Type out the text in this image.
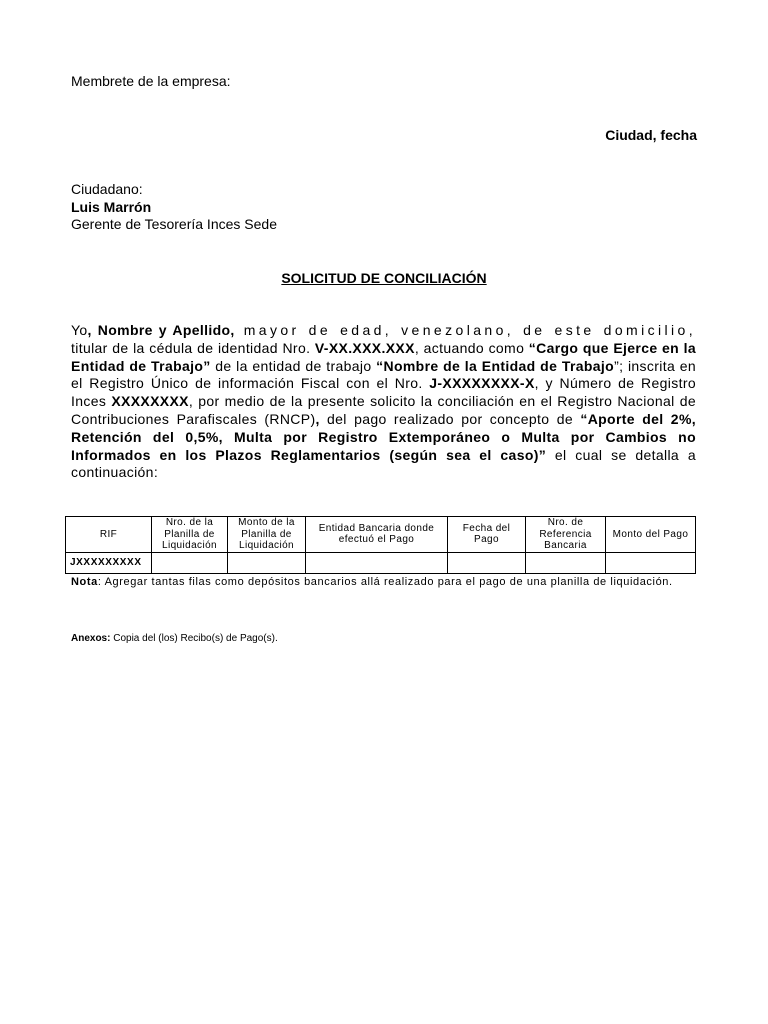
Membrete de la empresa:
Ciudad, fecha
Ciudadano:
Luis Marrón
Gerente de Tesorería Inces Sede
SOLICITUD DE CONCILIACIÓN
Yo, Nombre y Apellido, mayor de edad, venezolano, de este domicilio, titular de la cédula de identidad Nro. V-XX.XXX.XXX, actuando como “Cargo que Ejerce en la Entidad de Trabajo” de la entidad de trabajo “Nombre de la Entidad de Trabajo”; inscrita en el Registro Único de información Fiscal con el Nro. J-XXXXXXXX-X, y Número de Registro Inces XXXXXXXX, por medio de la presente solicito la conciliación en el Registro Nacional de Contribuciones Parafiscales (RNCP), del pago realizado por concepto de “Aporte del 2%, Retención del 0,5%, Multa por Registro Extemporáneo o Multa por Cambios no Informados en los Plazos Reglamentarios (según sea el caso)” el cual se detalla a continuación:
RIF	Nro. de la Planilla de Liquidación	Monto de la Planilla de Liquidación	Entidad Bancaria donde efectuó el Pago	Fecha del Pago	Nro. de Referencia Bancaria	Monto del Pago
JXXXXXXXXX						
Nota: Agregar tantas filas como depósitos bancarios allá realizado para el pago de una planilla de liquidación.
Anexos: Copia del (los) Recibo(s) de Pago(s).
